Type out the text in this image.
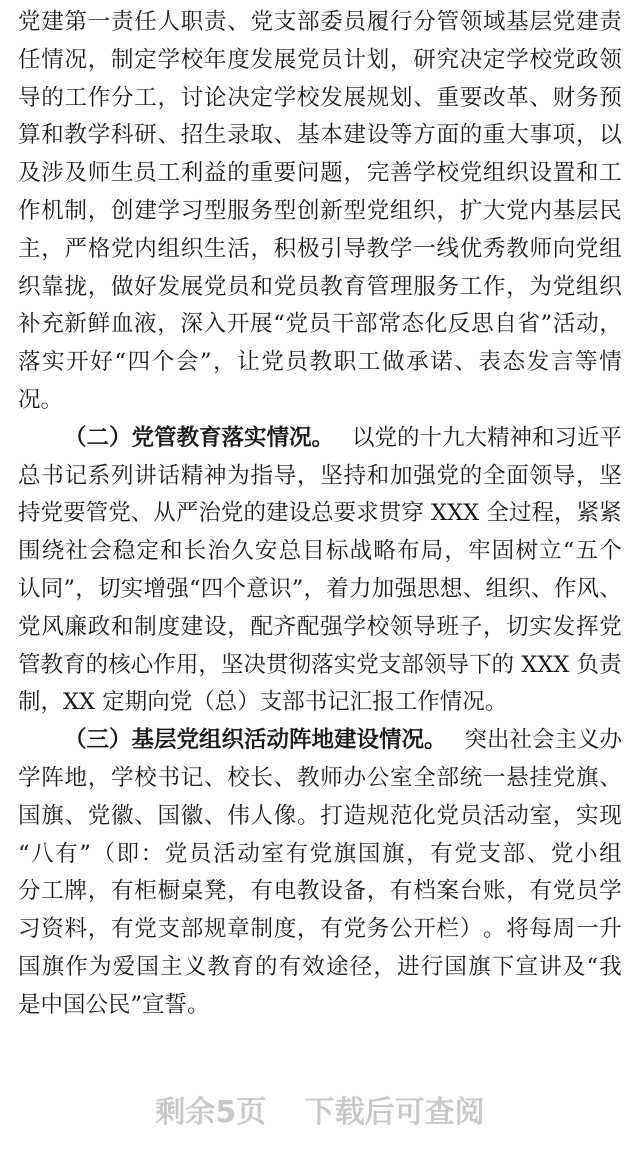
党 建 第 一 责 任 人 职 责 、 党 支 部 委 员 履 行 分 管 领 域 基 层 党 建 责
任 情 况 ， 制 定 学 校 年 度 发 展 党 员 计 划 ， 研 究 决 定 学 校 党 政 领
导 的 工 作 分 工 ， 讨 论 决 定 学 校 发 展 规 划 、 重 要 改 革 、 财 务 预
算 和 教 学 科 研 、 招 生 录 取 、 基 本 建 设 等 方 面 的 重 大 事 项 ， 以
及 涉 及 师 生 员 工 利 益 的 重 要 问 题 ， 完 善 学 校 党 组 织 设 置 和 工
作 机 制 ， 创 建 学 习 型 服 务 型 创 新 型 党 组 织 ， 扩 大 党 内 基 层 民
主 ， 严 格 党 内 组 织 生 活 ， 积 极 引 导 教 学 一 线 优 秀 教 师 向 党 组
织 靠 拢 ， 做 好 发 展 党 员 和 党 员 教 育 管 理 服 务 工 作 ， 为 党 组 织
补 充 新 鲜 血 液 ， 深 入 开 展 “ 党 员 干 部 常 态 化 反 思 自 省 ” 活 动 ，
落 实 开 好 “ 四 个 会 ” ， 让 党 员 教 职 工 做 承 诺 、 表 态 发 言 等 情
况。
（二）党管教育落实情况。 以党的十九大精神和习近平
总 书 记 系 列 讲 话 精 神 为 指 导 ， 坚 持 和 加 强 党 的 全 面 领 导 ， 坚
持 党 要 管 党 、 从 严 治 党 的 建 设 总 要 求 贯 穿
X X X
全 过 程 ， 紧 紧
围 绕 社 会 稳 定 和 长 治 久 安 总 目 标 战 略 布 局 ， 牢 固 树 立 “ 五 个
认 同 ” ， 切 实 增 强 “ 四 个 意 识 ” ， 着 力 加 强 思 想 、 组 织 、 作 风 、
党 风 廉 政 和 制 度 建 设 ， 配 齐 配 强 学 校 领 导 班 子 ， 切 实 发 挥 党
管 教 育 的 核 心 作 用 ， 坚 决 贯 彻 落 实 党 支 部 领 导 下 的
X X X
负 责
制，XX 定期向党（总）支部书记汇报工作情况。
（三）基层党组织活动阵地建设情况。 突出社会主义办
学 阵 地 ， 学 校 书 记 、 校 长 、 教 师 办 公 室 全 部 统 一 悬 挂 党 旗 、
国 旗 、 党 徽 、 国 徽 、 伟 人 像 。 打 造 规 范 化 党 员 活 动 室 ， 实 现
“ 八 有 ” （ 即 ： 党 员 活 动 室 有 党 旗 国 旗 ， 有 党 支 部 、 党 小 组
分 工 牌 ， 有 柜 橱 桌 凳 ， 有 电 教 设 备 ， 有 档 案 台 账 ， 有 党 员 学
习 资 料 ， 有 党 支 部 规 章 制 度 ， 有 党 务 公 开 栏 ） 。 将 每 周 一 升
国 旗 作 为 爱 国 主 义 教 育 的 有 效 途 径 ， 进 行 国 旗 下 宣 讲 及 “ 我
是中国公民”宣誓。
剩余5页 下载后可查阅
